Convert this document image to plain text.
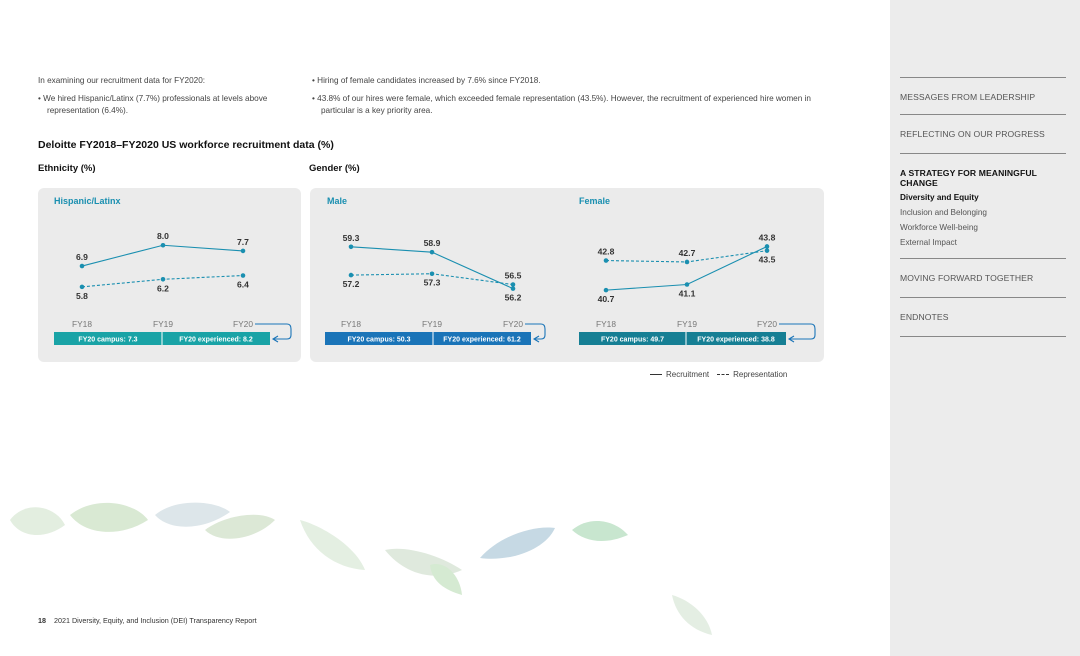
In examining our recruitment data for FY2020:

• We hired Hispanic/Latinx (7.7%) professionals at levels above representation (6.4%).

• Hiring of female candidates increased by 7.6% since FY2018.

• 43.8% of our hires were female, which exceeded female representation (43.5%). However, the recruitment of experienced hire women in particular is a key priority area.

Deloitte FY2018–FY2020 US workforce recruitment data (%)
Ethnicity (%)	Gender (%)
Hispanic/Latinx
6.9
8.0
7.7
5.8
6.2	6.4
FY18	FY19	FY20
FY20 campus: 7.3	FY20 experienced: 8.2
Male
59.3
58.9
56.2
57.2	57.3
56.5
FY18	FY19	FY20
FY20 campus: 50.3	FY20 experienced: 61.2
Female
40.7
41.1
43.8
42.8	42.7
43.5
FY18	FY19	FY20
FY20 campus: 49.7	FY20 experienced: 38.8
Recruitment	Representation
18 2021 Diversity, Equity, and Inclusion (DEI) Transparency Report
MESSAGES FROM LEADERSHIP
REFLECTING ON OUR PROGRESS
A STRATEGY FOR MEANINGFUL CHANGE
Diversity and Equity
Inclusion and Belonging
Workforce Well-being
External Impact
MOVING FORWARD TOGETHER
ENDNOTES
